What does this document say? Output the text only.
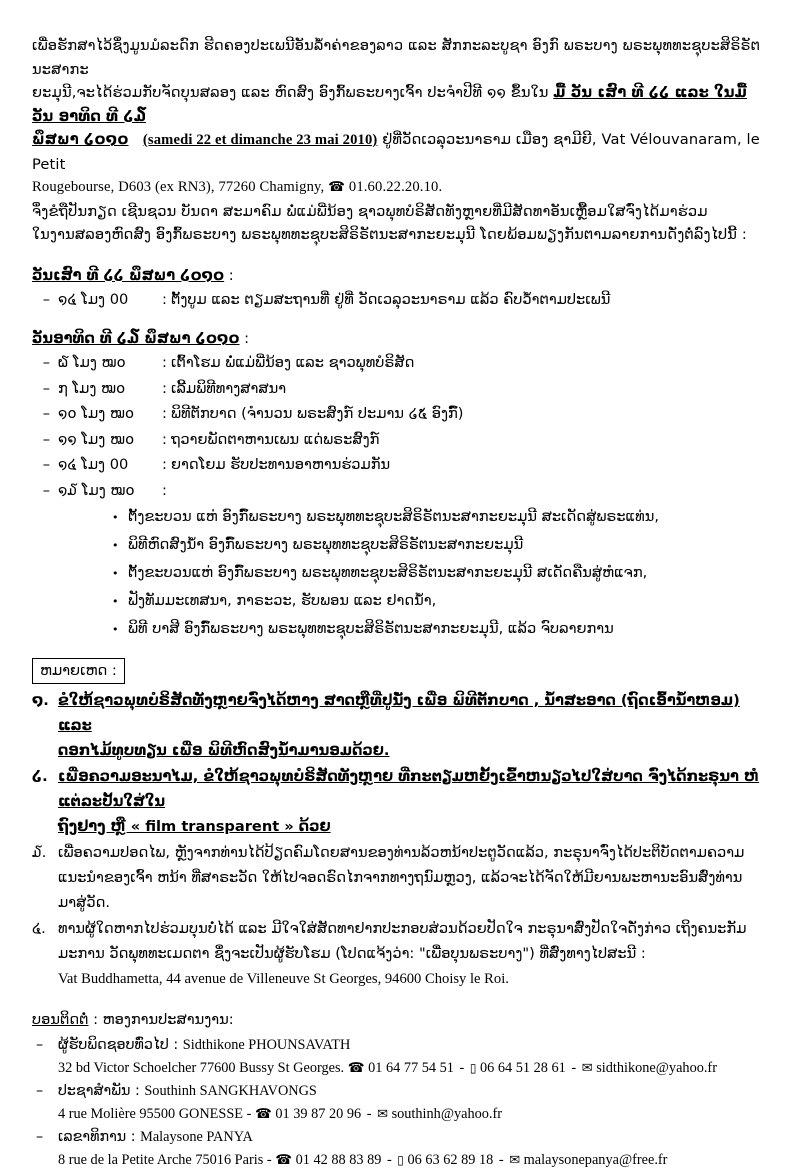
ເພື່ອຮັກສາໄວ້ຊຶ່ງມູນມໍລະດົກ ຮີດຄອງປະເພນີອັນລ້ຳຄ່າຂອງລາວ ແລະ ສັກກະລະບູຊາ ອົງກົ ພຣະບາງ ພຣະພຸທທະຊຸບະສິຣິຣັຕນະສາກະ
ຍະມຸນີ,ຈະໄດ້ຮ່ວມກັບຈັດບຸນສລອງ ແລະ ຫົດສົງ ອົງກົ້ພຣະບາງເຈົ້າ ປະຈຳປີທີ ໑໑ ຂຶ້ນໃນ ມື້ ວັນ ເສົາ ທີ ໒໒ ແລະ ໃນມື້ວັນ ອາທິດ ທີ ໒໓
ພຶສພາ ໒໐໑໐ (samedi 22 et dimanche 23 mai 2010) ຢູ່ທີ່ວັດເວລຸວະນາຣາມ ເມືອງ ຊາມີຍີ, Vat Vélouvanaram, le Petit
Rougebourse, D603 (ex RN3), 77260 Chamigny, ☎ 01.60.22.20.10.
ຈຶ່ງຂໍຖືປັນກຽດ ເຊີນຊວນ ບັນດາ ສະມາຄົມ ພໍ່ແມ່ພີ່ນ້ອງ ຊາວພຸທບໍຣິສັດທັງຫຼາຍທີ່ມີສັດທາອັນເຫຼື້ອມໃສຈົ່ງໄດ້ມາຮ່ວມ
ໃນງານສລອງຫົດສົງ ອົງກົ້ພຣະບາງ ພຣະພຸທທະຊຸບະສິຣິຣັຕນະສາກະຍະມຸນີ ໂດຍພ້ອມພຽງກັນຕາມລາຍການດັ່ງຕໍ່ລົງໄປນີ້ :
ວັນເສົາ ທີ ໒໒ ພຶສພາ ໒໐໑໐ :
– ໑໔ ໂມງ 00	: ຕັ້ງບູມ ແລະ ຕຽມສະຖານທີ່ ຢູ່ທີ່ ວັດເວລຸວະນາຣາມ ແລ້ວ ຄົບວ້ຳຕາມປະເພນີ
ວັນອາທິດ ທີ ໒໓ ພຶສພາ ໒໐໑໐ :
– ໖ ໂມງ ໝ໐	: ເຕົ້າໂຮມ ພໍ່ແມ່ພີ່ນ້ອງ ແລະ ຊາວພຸທບໍຣິສັດ
– ໗ ໂມງ ໝ໐	: ເລີ້ມພິທີທາງສາສນາ
– ໑໐ ໂມງ ໝ໐	: ພິທີຕັກບາດ (ຈຳນວນ ພຣະສົງກ໌ ປະມານ ໒໕ ອົງກົ໌)
– ໑໑ ໂມງ ໝ໐	: ຖວາຍພັດຕາຫານເພນ ແດ່ພຣະສົງກ໌
– ໑໔ ໂມງ 00	: ຍາດໂຍມ ຮັບປະທານອາຫານຮ່ວມກັນ
– ໑໓ ໂມງ ໝ໐	:
• ຕັ້ງຂະບວນ ແຫ່ ອົງກົ໌ພຣະບາງ ພຣະພຸທທະຊຸບະສິຣິຣັຕນະສາກະຍະມຸນີ ສະເດັດສູ່ພຣະແທ່ນ,
• ພິທີຫົດສົງນ້ຳ ອົງກົ໌ພຣະບາງ ພຣະພຸທທະຊຸບະສິຣິຣັຕນະສາກະຍະມຸນີ
• ຕັ້ງຂະບວນແຫ່ ອົງກົ໌ພຣະບາງ ພຣະພຸທທະຊຸບະສິຣິຣັຕນະສາກະຍະມຸນີ ສເດັດຄືນສູ່ຫໍແຈກ,
• ຟັງທັມມະເທສນາ, ກາຣະວະ, ຮັບພອນ ແລະ ຢາດນ້ຳ,
• ພິທີ ບາສີ ອົງກົ໌ພຣະບາງ ພຣະພຸທທະຊຸບະສິຣິຣັຕນະສາກະຍະມຸນີ, ແລ້ວ ຈົບລາຍການ
ຫມາຍເຫດ :
໑. ຂໍໃຫ້ຊາວພຸທບໍຣິສັດທັງຫຼາຍຈົ່ງໄດ້ຫາງ ສາດຫຼືທີ່ປູນັ່ງ ເພື່ອ ພິທີຕັກບາດ , ນ້ຳສະອາດ (ຖົດເອົ້ານ້ຳຫອມ) ແລະ
ດອກໄມ້ທູບທຽນ ເພື່ອ ພິທີຫົດສົງນ້ຳມານອມດ້ວຍ.
໒. ເພື່ອຄວາມອະນາໄມ, ຂໍໃຫ້ຊາວພຸທບໍຣິສັດທັງຫຼາຍ ທີ່ກະຕຽມຫຍັ້ງເຂົ້າຫນຽວໄປໃສ່ບາດ ຈົ່ງໄດ້ກະຣຸນາ ຫໍແຕ່ລະປັ້ນໃສ່ໃນ
ຖົງຢາງ ຫຼື « film transparent » ດ້ວຍ
໓. ເພື່ອຄວາມປອດໄພ, ຫຼັງຈາກທ່ານໄດ້ປ້ຽດຄົມໂດຍສານຂອງທ່ານລ້ວຫນ້າປະຕູວັດແລ້ວ, ກະຣຸນາຈົ່ງໄດ້ປະຕິບັດຕາມຄວາມ
ແນະນຳຂອງເຈົ້າ ຫນ້າ ທີ່ສາຣະວັດ ໃຫ້ໄປຈອດຣົດໄກຈາກທາງຖນົມຫຼວງ, ແລ້ວຈະໄດ້ຈັດໃຫ້ມີຍານພະຫານະອົນສົ່ງທ່ານ
ມາສູ່ວັດ.
໔. ທານຜູ້ໃດຫາກໄປຮ່ວມບຸນບໍ່ໄດ້ ແລະ ມີໃຈໃສ່ສັດທາຢາກປະກອບສ່ວນດ້ວຍປັດໃຈ ກະຣຸນາສົ່ງປັດໃຈດັ່ງກ່າວ ເຖິງຄນະກັມ
ມະການ ວັດພຸທທະເມດຕາ ຊຶ່ງຈະເປັນຜູ້ຮັບໂຮມ (ໂປດແຈ້ງວ່າ: "ເພື່ອບຸນພຣະບາງ") ທີ່ສົ່ງທາງໄປສະນີ :
Vat Buddhametta, 44 avenue de Villeneuve St Georges, 94600 Choisy le Roi.
ບອນຕິດຕໍ່ : ຫອງການປະສານງານ:
–	ຜູ້ຮັບພິດຊອບທົ່ວໄປ : Sidthikone PHOUNSAVATH
32 bd Victor Schoelcher 77600 Bussy St Georges. ☎ 01 64 77 54 51 - ▯ 06 64 51 28 61 - ✉ sidthikone@yahoo.fr
–	ປະຊາສຳພັນ : Southinh SANGKHAVONGS
4 rue Molière 95500 GONESSE - ☎ 01 39 87 20 96 - ✉ southinh@yahoo.fr
–	ເລຂາທິການ : Malaysone PANYA
8 rue de la Petite Arche 75016 Paris - ☎ 01 42 88 83 89 - ▯ 06 63 62 89 18 - ✉ malaysonepanya@free.fr
